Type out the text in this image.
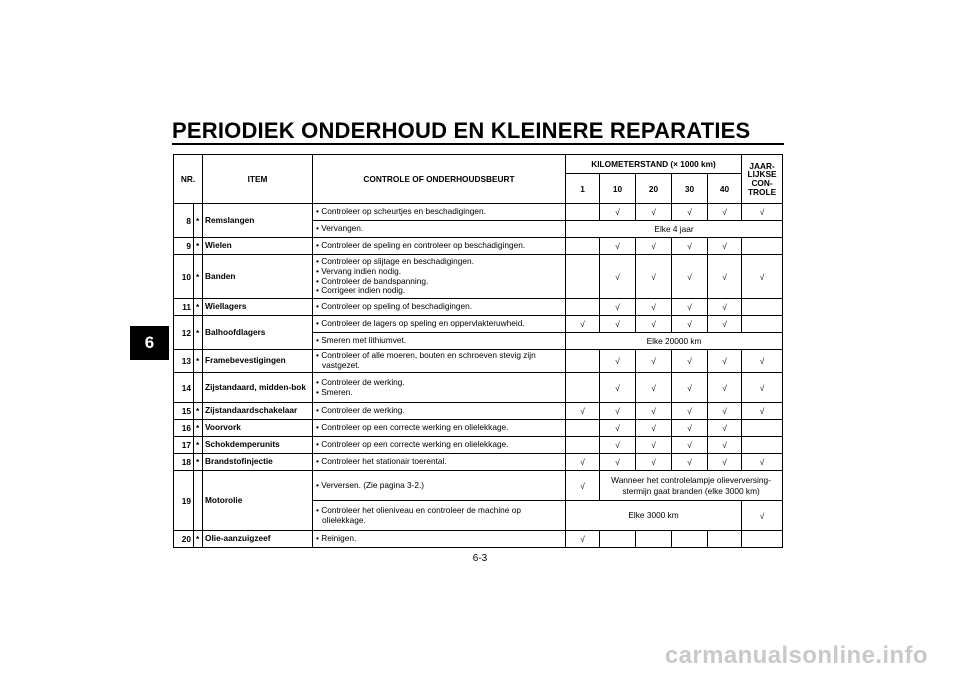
PERIODIEK ONDERHOUD EN KLEINERE REPARATIES
6
NR.		ITEM	CONTROLE OF ONDERHOUDSBEURT	KILOMETERSTAND (× 1000 km)					JAAR-LIJKSE CON-TROLE
				1	10	20	30	40	
8	*	Remslangen	• Controleer op scheurtjes en beschadigingen.		√	√	√	√	√

			• Vervangen.	Elke 4 jaar					
9	*	Wielen	• Controleer de speling en controleer op beschadigingen.		√	√	√	√	
10	*	Banden	• Controleer op slijtage en beschadigingen.
• Vervang indien nodig.
• Controleer de bandspanning.
• Corrigeer indien nodig.		√	√	√	√	√
11	*	Wiellagers	• Controleer op speling of beschadigingen.		√	√	√	√	
12	*	Balhoofdlagers	• Controleer de lagers op speling en oppervlakteruwheid.	√	√	√	√	√	

			• Smeren met lithiumvet.	Elke 20000 km					
13	*	Framebevestigingen	• Controleer of alle moeren, bouten en schroeven stevig zijn vastgezet.		√	√	√	√	√
14		Zijstandaard, midden-bok	• Controleer de werking.
• Smeren.		√	√	√	√	√
15	*	Zijstandaardschakelaar	• Controleer de werking.	√	√	√	√	√	√
16	*	Voorvork	• Controleer op een correcte werking en olielekkage.		√	√	√	√	
17	*	Schokdemperunits	• Controleer op een correcte werking en olielekkage.		√	√	√	√	
18	*	Brandstofinjectie	• Controleer het stationair toerental.	√	√	√	√	√	√
19		Motorolie	• Verversen. (Zie pagina 3-2.)	√	Wanneer het controlelampje olieverversing-stermijn gaat branden (elke 3000 km)				

			• Controleer het olieniveau en controleer de machine op olielekkage.	Elke 3000 km					√
20	*	Olie-aanzuigzeef	• Reinigen.	√					
6-3
carmanualsonline.info
